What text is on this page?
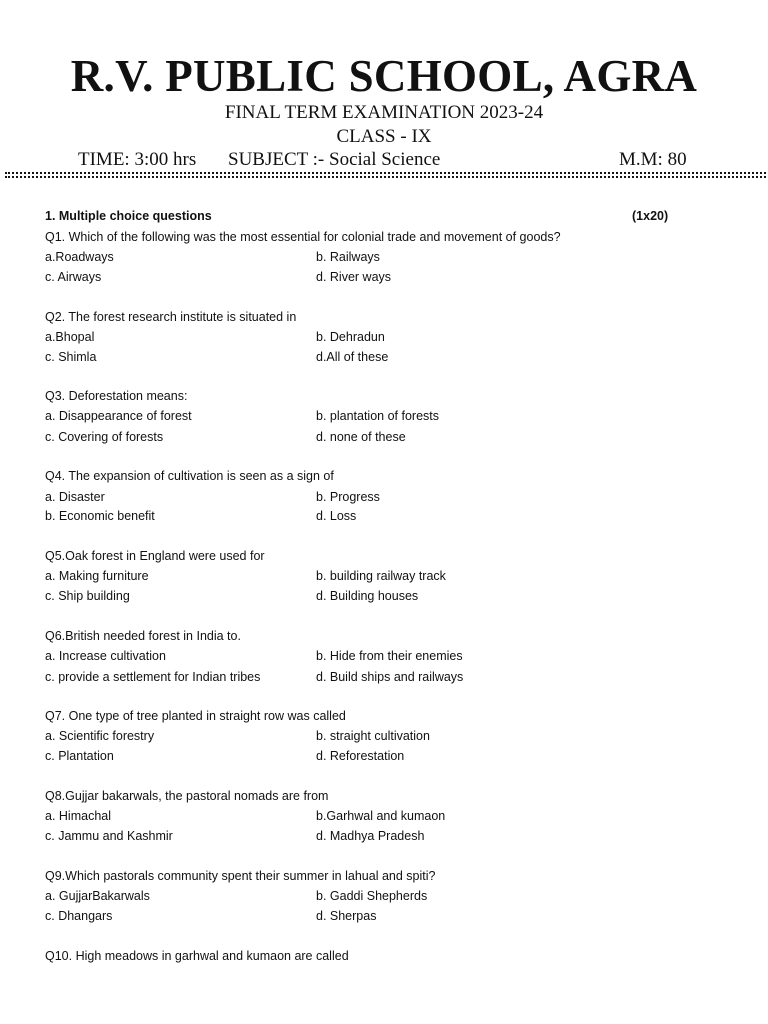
R.V. PUBLIC SCHOOL, AGRA
FINAL TERM EXAMINATION 2023-24
CLASS - IX
TIME: 3:00 hrs SUBJECT :- Social Science	M.M: 80
1. Multiple choice questions	(1x20)
Q1. Which of the following was the most essential for colonial trade and movement of goods?
a.Roadways	b. Railways
c. Airways	d. River ways
Q2. The forest research institute is situated in
a.Bhopal	b. Dehradun
c. Shimla	d.All of these
Q3. Deforestation means:
a. Disappearance of forest	b. plantation of forests
c. Covering of forests	d. none of these
Q4. The expansion of cultivation is seen as a sign of
a. Disaster	b. Progress
b. Economic benefit	d. Loss
Q5.Oak forest in England were used for
a. Making furniture	b. building railway track
c. Ship building	d. Building houses
Q6.British needed forest in India to.
a. Increase cultivation	b. Hide from their enemies
c. provide a settlement for Indian tribes	d. Build ships and railways
Q7. One type of tree planted in straight row was called
a. Scientific forestry	b. straight cultivation
c. Plantation	d. Reforestation
Q8.Gujjar bakarwals, the pastoral nomads are from
a. Himachal	b.Garhwal and kumaon
c. Jammu and Kashmir	d. Madhya Pradesh
Q9.Which pastorals community spent their summer in lahual and spiti?
a. GujjarBakarwals	b. Gaddi Shepherds
c. Dhangars	d. Sherpas
Q10. High meadows in garhwal and kumaon are called
